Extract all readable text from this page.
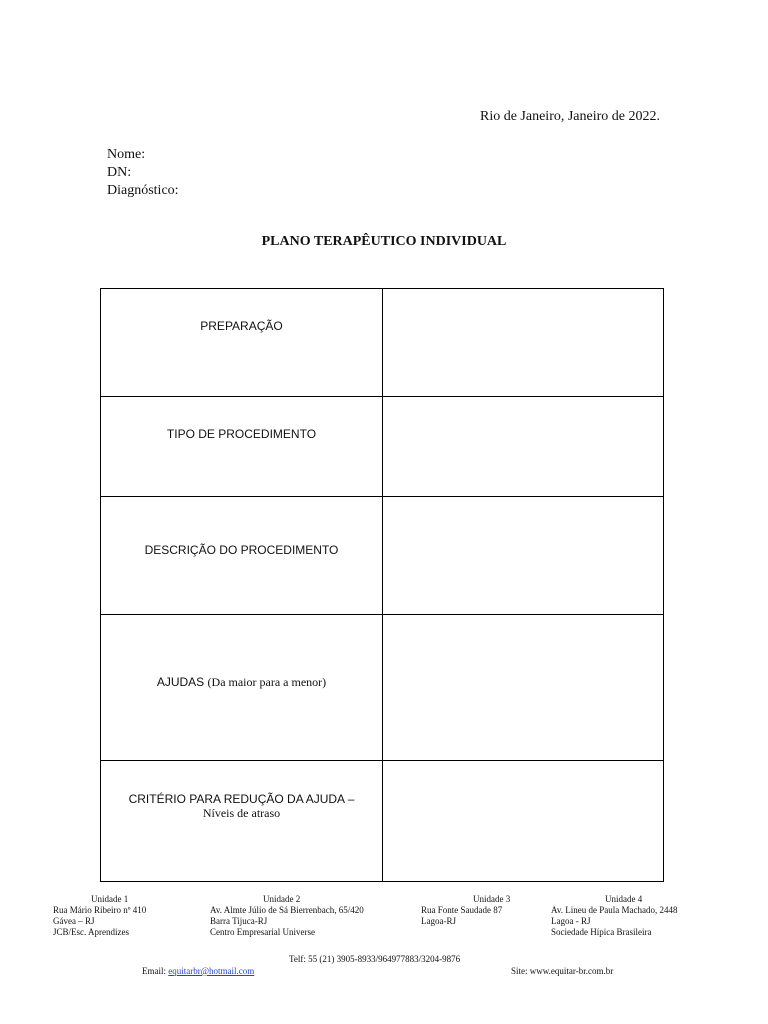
Rio de Janeiro, Janeiro de 2022.
Nome:
DN:
Diagnóstico:
PLANO TERAPÊUTICO INDIVIDUAL
PREPARAÇÃO	

TIPO DE PROCEDIMENTO	

DESCRIÇÃO DO PROCEDIMENTO	

AJUDAS (Da maior para a menor)	

CRITÉRIO PARA REDUÇÃO DA AJUDA –
Níveis de atraso	

Unidade 1
Rua Mário Ribeiro nº 410
Gávea – RJ
JCB/Esc. Aprendizes
Unidade 2
Av. Almte Júlio de Sá Bierrenbach, 65/420
Barra Tijuca-RJ
Centro Empresarial Universe
Unidade 3
Rua Fonte Saudade 87
Lagoa-RJ
Unidade 4
Av. Lineu de Paula Machado, 2448
Lagoa - RJ
Sociedade Hípica Brasileira
Telf: 55 (21) 3905-8933/964977883/3204-9876
Email: equitarbr@hotmail.com	Site: www.equitar-br.com.br
